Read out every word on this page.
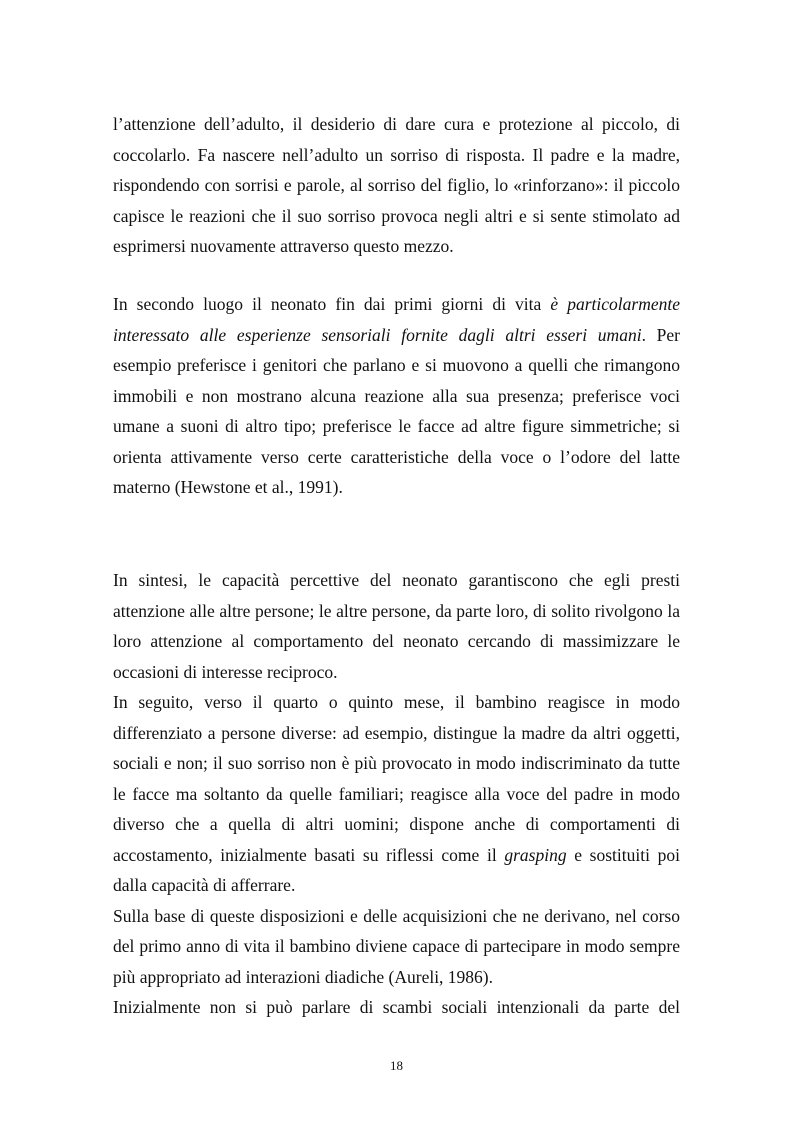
l’attenzione dell’adulto, il desiderio di dare cura e protezione al piccolo, di
coccolarlo. Fa nascere nell’adulto un sorriso di risposta. Il padre e la madre,
rispondendo con sorrisi e parole, al sorriso del figlio, lo «rinforzano»: il piccolo
capisce le reazioni che il suo sorriso provoca negli altri e si sente stimolato ad
esprimersi nuovamente attraverso questo mezzo.
In secondo luogo il neonato fin dai primi giorni di vita è particolarmente
interessato alle esperienze sensoriali fornite dagli altri esseri umani. Per
esempio preferisce i genitori che parlano e si muovono a quelli che rimangono
immobili e non mostrano alcuna reazione alla sua presenza; preferisce voci
umane a suoni di altro tipo; preferisce le facce ad altre figure simmetriche; si
orienta attivamente verso certe caratteristiche della voce o l’odore del latte
materno (Hewstone et al., 1991).
In sintesi, le capacità percettive del neonato garantiscono che egli presti
attenzione alle altre persone; le altre persone, da parte loro, di solito rivolgono la
loro attenzione al comportamento del neonato cercando di massimizzare le
occasioni di interesse reciproco.
In seguito, verso il quarto o quinto mese, il bambino reagisce in modo
differenziato a persone diverse: ad esempio, distingue la madre da altri oggetti,
sociali e non; il suo sorriso non è più provocato in modo indiscriminato da tutte
le facce ma soltanto da quelle familiari; reagisce alla voce del padre in modo
diverso che a quella di altri uomini; dispone anche di comportamenti di
accostamento, inizialmente basati su riflessi come il grasping e sostituiti poi
dalla capacità di afferrare.
Sulla base di queste disposizioni e delle acquisizioni che ne derivano, nel corso
del primo anno di vita il bambino diviene capace di partecipare in modo sempre
più appropriato ad interazioni diadiche (Aureli, 1986).
Inizialmente non si può parlare di scambi sociali intenzionali da parte del
18
